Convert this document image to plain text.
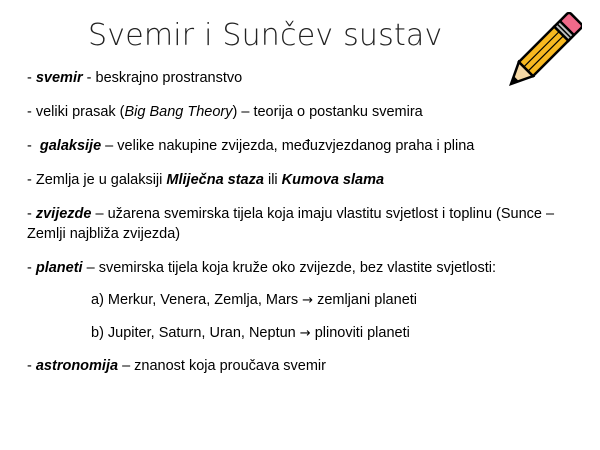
Svemir i Sunčev sustav
- svemir - beskrajno prostranstvo
- veliki prasak (Big Bang Theory) – teorija o postanku svemira
-  galaksije – velike nakupine zvijezda, međuzvjezdanog praha i plina
- Zemlja je u galaksiji Mliječna staza ili Kumova slama
- zvijezde – užarena svemirska tijela koja imaju vlastitu svjetlost i toplinu (Sunce – Zemlji najbliža zvijezda)
- planeti – svemirska tijela koja kruže oko zvijezde, bez vlastite svjetlosti:
a) Merkur, Venera, Zemlja, Mars → zemljani planeti
b) Jupiter, Saturn, Uran, Neptun → plinoviti planeti
- astronomija – znanost koja proučava svemir
